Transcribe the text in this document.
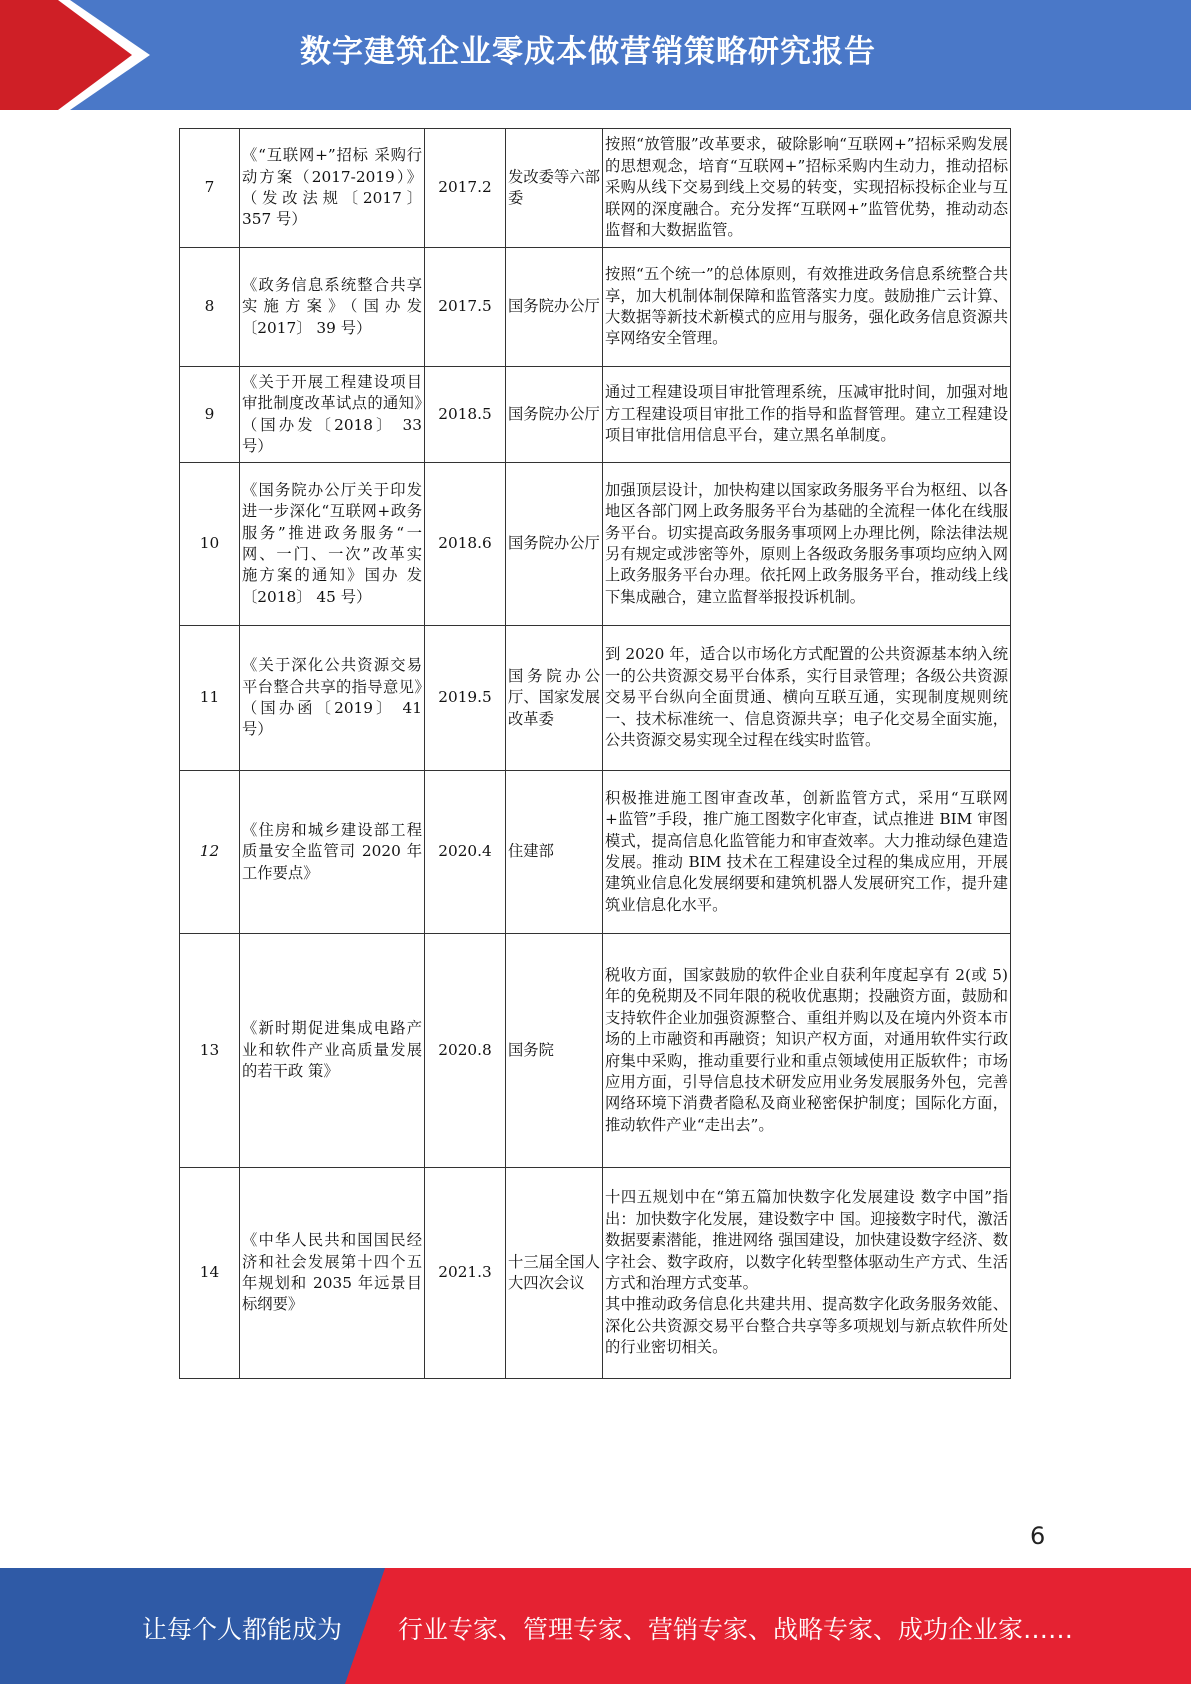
数字建筑企业零成本做营销策略研究报告
7	《“互联网+”招标 采购行动方案（2017-2019）》（发改法规〔2017〕 357 号）	2017.2	发改委等六部委	按照“放管服”改革要求，破除影响“互联网+”招标采购发展的思想观念，培育“互联网+”招标采购内生动力，推动招标采购从线下交易到线上交易的转变，实现招标投标企业与互联网的深度融合。充分发挥“互联网+”监管优势，推动动态监督和大数据监管。
8	《政务信息系统整合共享实施方案》（国办发〔2017〕 39 号）	2017.5	国务院办公厅	按照“五个统一”的总体原则，有效推进政务信息系统整合共享，加大机制体制保障和监管落实力度。鼓励推广云计算、大数据等新技术新模式的应用与服务，强化政务信息资源共享网络安全管理。
9	《关于开展工程建设项目审批制度改革试点的通知》（国办发〔2018〕 33 号）	2018.5	国务院办公厅	通过工程建设项目审批管理系统，压减审批时间，加强对地方工程建设项目审批工作的指导和监督管理。建立工程建设项目审批信用信息平台，建立黑名单制度。
10	《国务院办公厅关于印发进一步深化“互联网+政务服务”推进政务服务“一网、一门、一次”改革实 施方案的通知》国办 发〔2018〕 45 号）	2018.6	国务院办公厅	加强顶层设计，加快构建以国家政务服务平台为枢纽、以各地区各部门网上政务服务平台为基础的全流程一体化在线服务平台。切实提高政务服务事项网上办理比例，除法律法规另有规定或涉密等外，原则上各级政务服务事项均应纳入网上政务服务平台办理。依托网上政务服务平台，推动线上线下集成融合，建立监督举报投诉机制。
11	《关于深化公共资源交易平台整合共享的指导意见》（国办函〔2019〕 41 号）	2019.5	国务院办公厅、国家发展改革委	到 2020 年，适合以市场化方式配置的公共资源基本纳入统一的公共资源交易平台体系，实行目录管理；各级公共资源交易平台纵向全面贯通、横向互联互通，实现制度规则统一、技术标准统一、信息资源共享；电子化交易全面实施，公共资源交易实现全过程在线实时监管。
12	《住房和城乡建设部工程质量安全监管司 2020 年工作要点》	2020.4	住建部	积极推进施工图审查改革，创新监管方式，采用“互联网+监管”手段，推广施工图数字化审查，试点推进 BIM 审图模式，提高信息化监管能力和审查效率。大力推动绿色建造发展。推动 BIM 技术在工程建设全过程的集成应用，开展建筑业信息化发展纲要和建筑机器人发展研究工作，提升建筑业信息化水平。
13	《新时期促进集成电路产业和软件产业高质量发展的若干政 策》	2020.8	国务院	税收方面，国家鼓励的软件企业自获利年度起享有 2(或 5)年的免税期及不同年限的税收优惠期；投融资方面，鼓励和支持软件企业加强资源整合、重组并购以及在境内外资本市场的上市融资和再融资；知识产权方面，对通用软件实行政府集中采购，推动重要行业和重点领域使用正版软件；市场应用方面，引导信息技术研发应用业务发展服务外包，完善网络环境下消费者隐私及商业秘密保护制度；国际化方面，推动软件产业“走出去”。
14	《中华人民共和国国民经济和社会发展第十四个五年规划和 2035 年远景目标纲要》	2021.3	十三届全国人大四次会议	十四五规划中在“第五篇加快数字化发展建设 数字中国”指出：加快数字化发展，建设数字中 国。迎接数字时代，激活数据要素潜能，推进网络 强国建设，加快建设数字经济、数字社会、数字政府，以数字化转型整体驱动生产方式、生活方式和治理方式变革。
其中推动政务信息化共建共用、提高数字化政务服务效能、深化公共资源交易平台整合共享等多项规划与新点软件所处的行业密切相关。
6
让每个人都能成为 行业专家、管理专家、营销专家、战略专家、成功企业家……
